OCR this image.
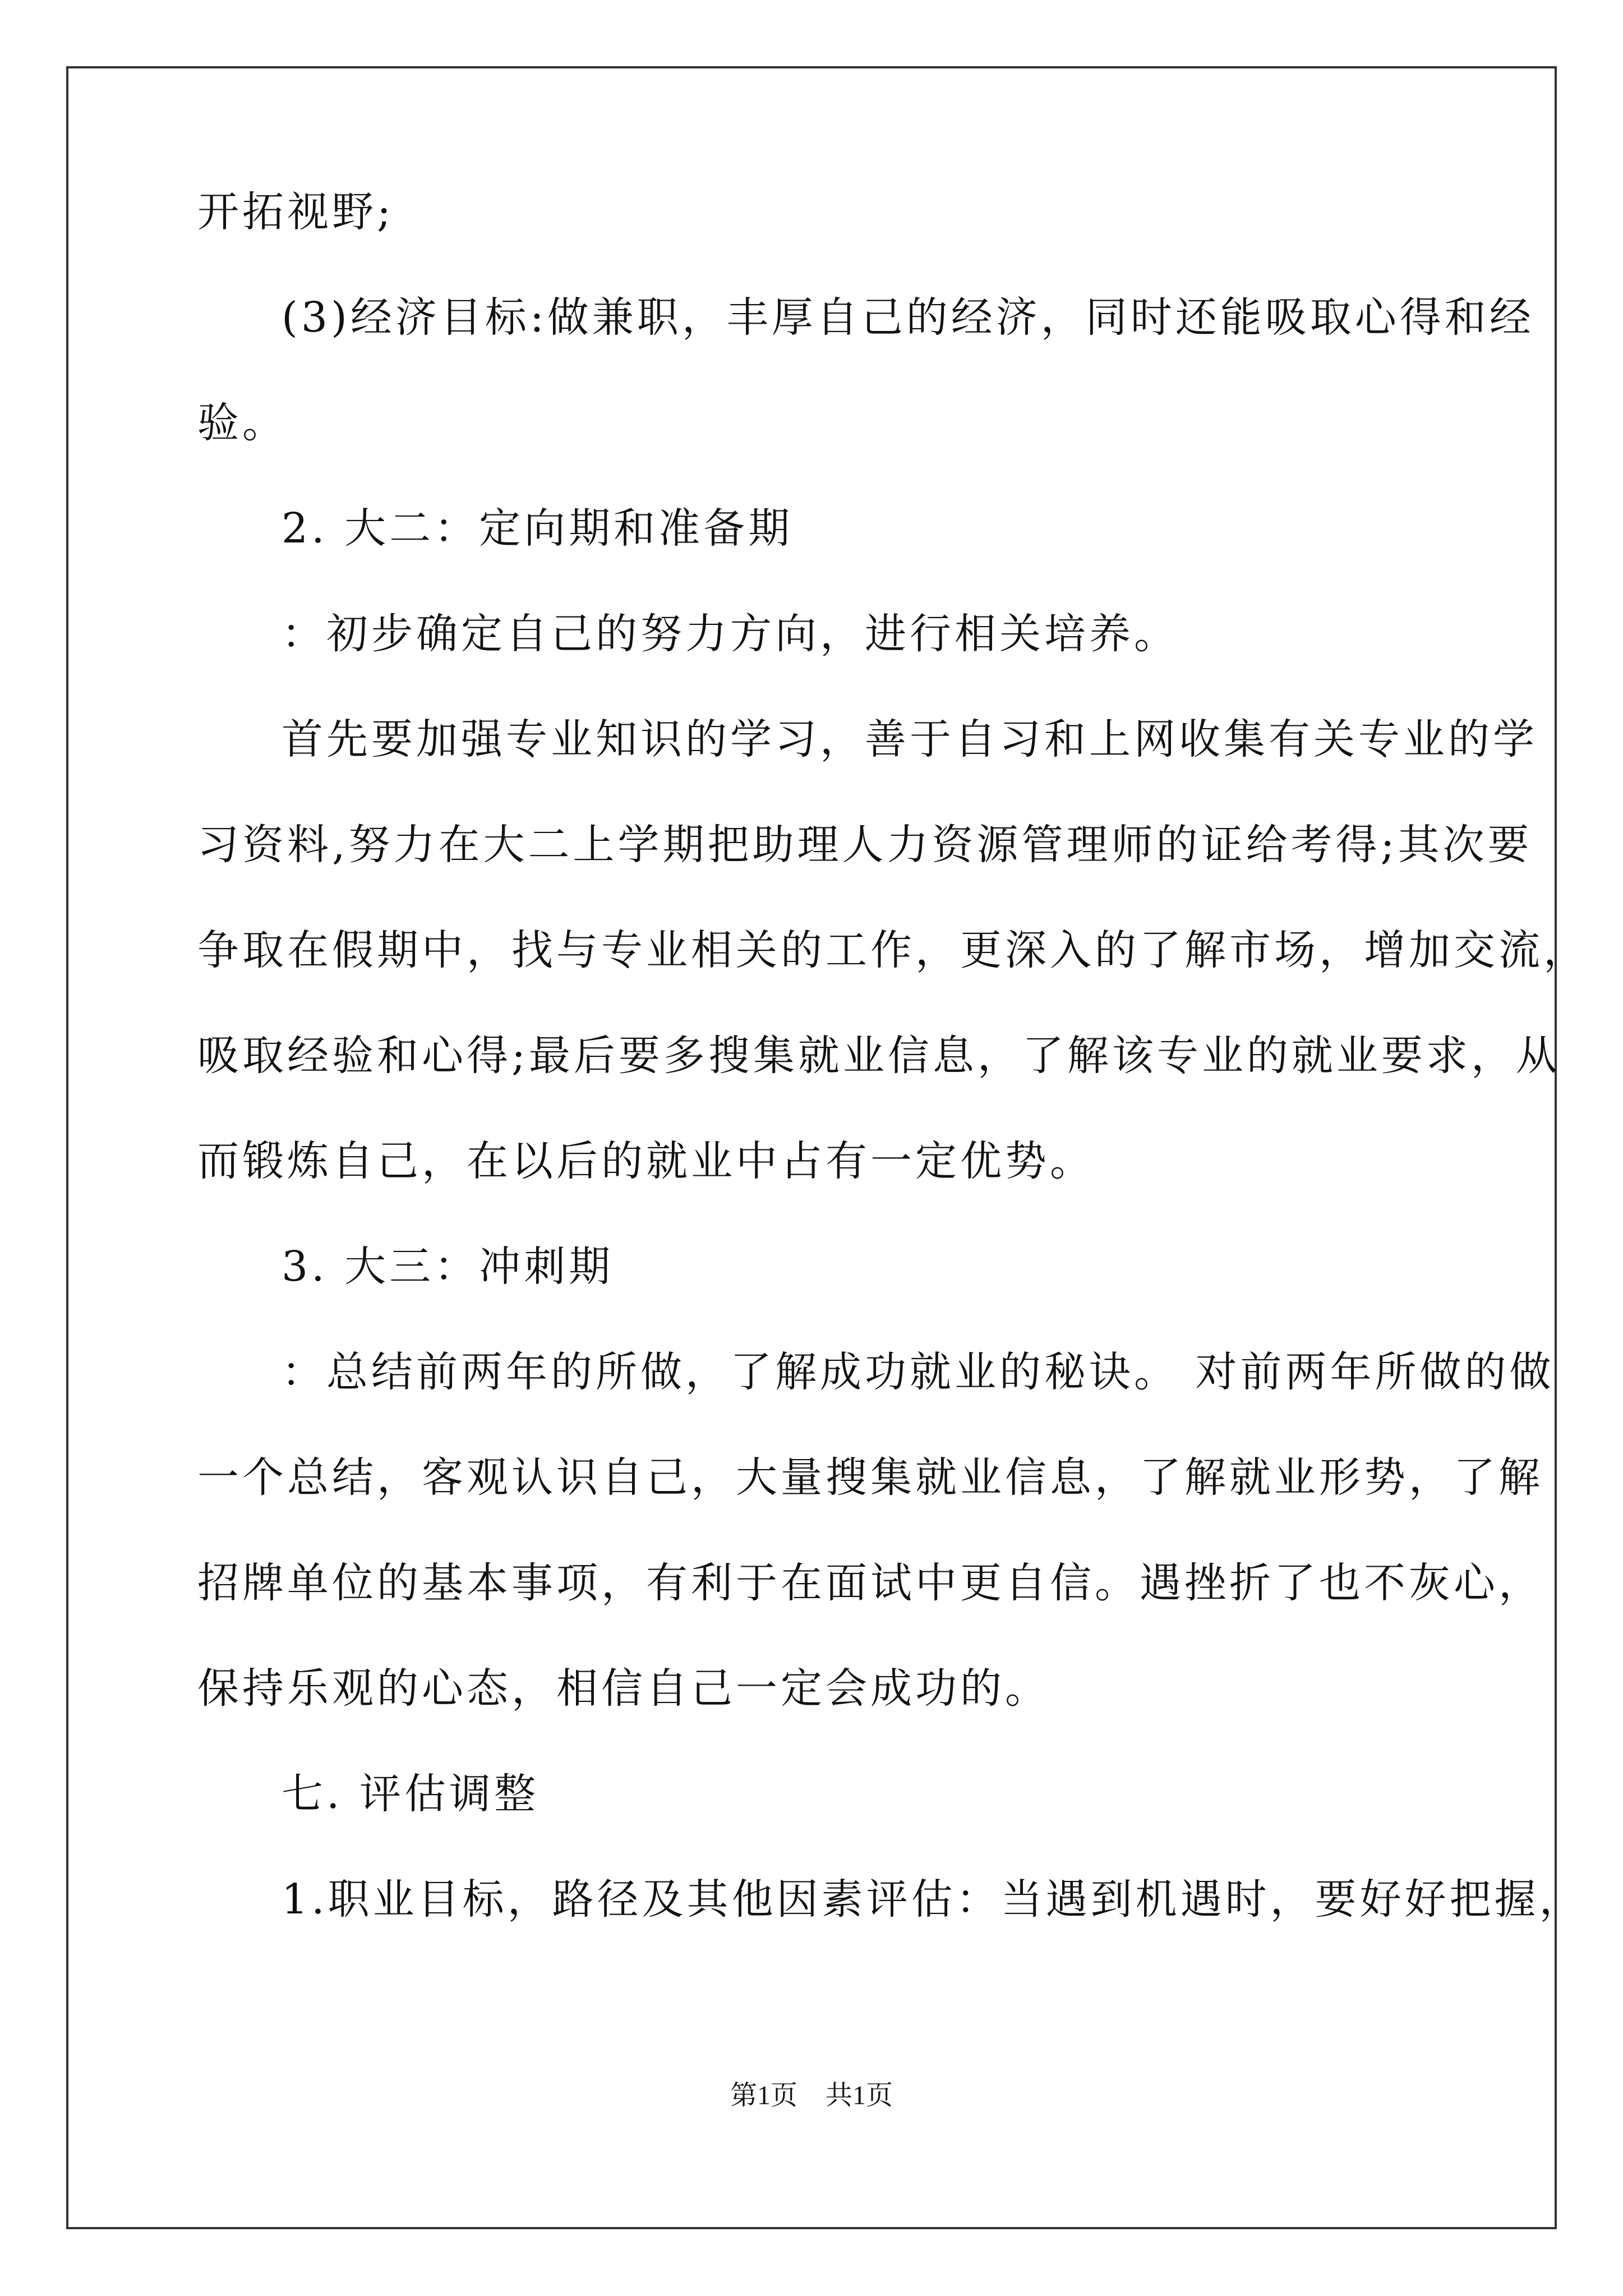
开拓视野;
(3)经济目标:做兼职，丰厚自己的经济，同时还能吸取心得和经
验。
2. 大二：定向期和准备期
：初步确定自己的努力方向，进行相关培养。
首先要加强专业知识的学习，善于自习和上网收集有关专业的学
习资料,努力在大二上学期把助理人力资源管理师的证给考得;其次要
争取在假期中，找与专业相关的工作，更深入的了解市场，增加交流，
吸取经验和心得;最后要多搜集就业信息，了解该专业的就业要求，从
而锻炼自己，在以后的就业中占有一定优势。
3. 大三：冲刺期
：总结前两年的所做，了解成功就业的秘诀。 对前两年所做的做
一个总结，客观认识自己，大量搜集就业信息，了解就业形势，了解
招牌单位的基本事项，有利于在面试中更自信。遇挫折了也不灰心，
保持乐观的心态，相信自己一定会成功的。
七. 评估调整
1.职业目标，路径及其他因素评估：当遇到机遇时，要好好把握，
第1页 共1页
